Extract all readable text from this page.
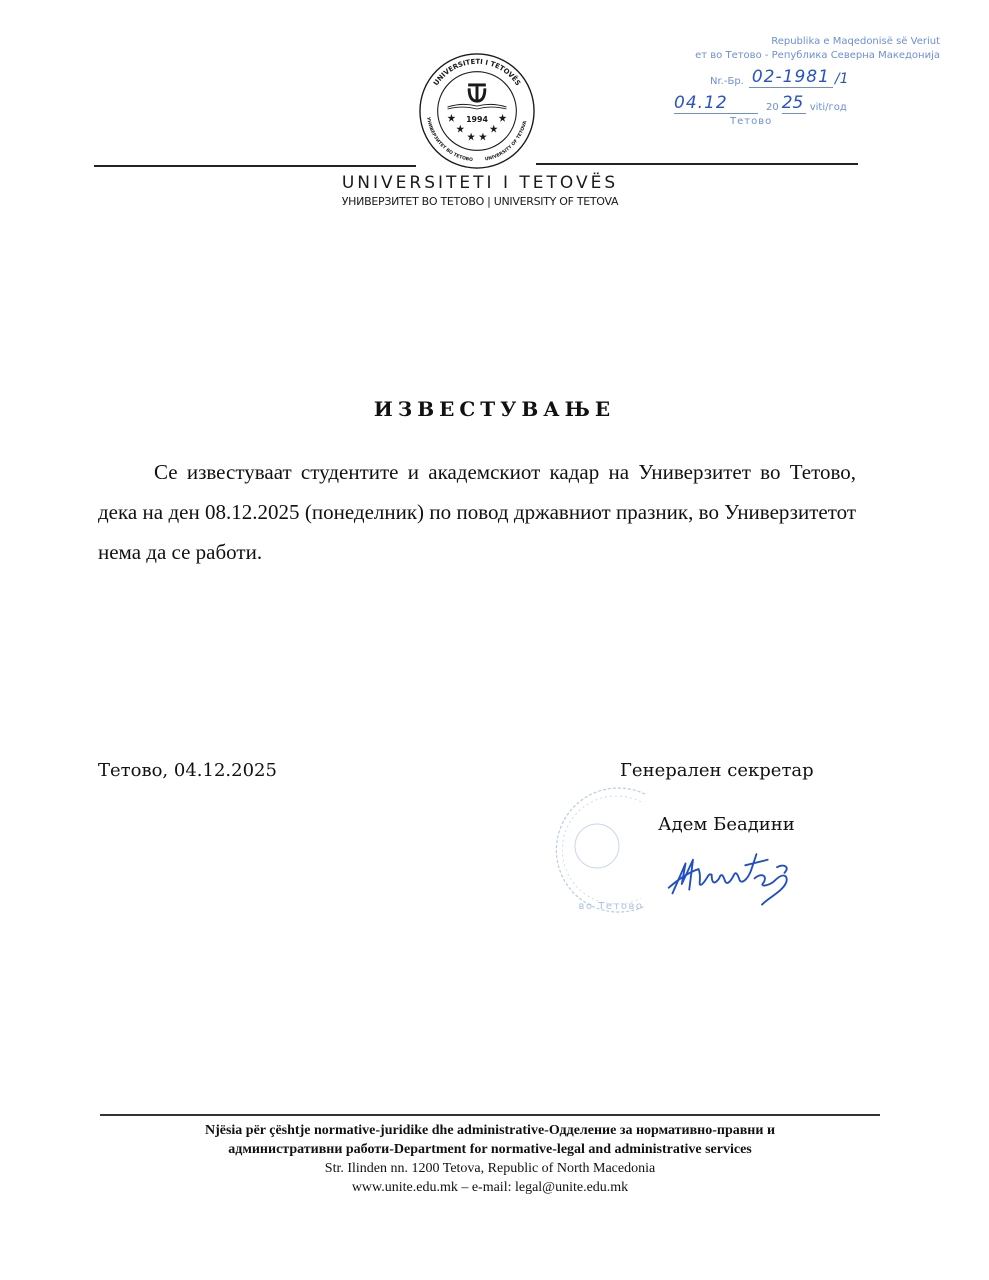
UNIVERSITETI I TETOVËS
УНИВЕРЗИТЕТ ВО ТЕТОВО	UNIVERSITY OF TETOVA
1994
UNIVERSITETI I TETOVËS
УНИВЕРЗИТЕТ ВО ТЕТОВО | UNIVERSITY OF TETOVA
Republika e Maqedonisë së Veriut
ет во Тетово - Република Северна Македонија
Nr.-Бр. 02-1981 /1
04.12	20 25 viti/год
Тетово
ИЗВЕСТУВАЊЕ
Се известуваат студентите и академскиот кадар на Универзитет во Тетово, дека на ден 08.12.2025 (понеделник) по повод државниот празник, во Универзитетот нема да се работи.
Тетово, 04.12.2025
во Тетово
Генерален секретар
Адем Беадини
Njësia për çështje normative-juridike dhe administrative-Одделение за нормативно-правни и
административни работи-Department for normative-legal and administrative services
Str. Ilinden nn. 1200 Tetova, Republic of North Macedonia
www.unite.edu.mk – e-mail: legal@unite.edu.mk
